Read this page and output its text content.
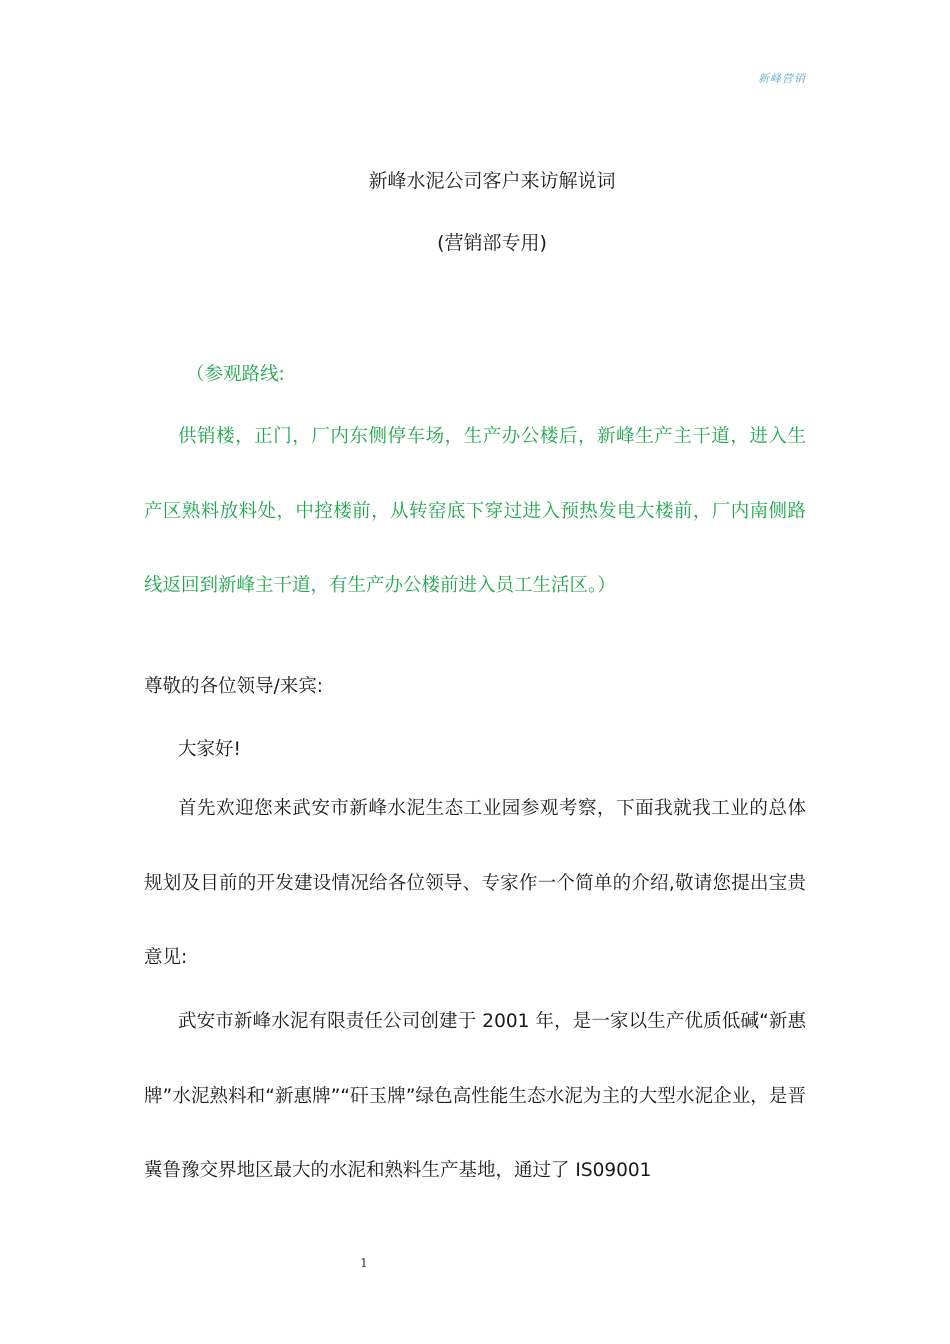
新峰营销
新峰水泥公司客户来访解说词
(营销部专用)
（参观路线:
供销楼，正门，厂内东侧停车场，生产办公楼后，新峰生产主干道，进入生产区熟料放料处，中控楼前，从转窑底下穿过进入预热发电大楼前，厂内南侧路线返回到新峰主干道，有生产办公楼前进入员工生活区。）
尊敬的各位领导/来宾:
大家好!
首先欢迎您来武安市新峰水泥生态工业园参观考察，下面我就我工业的总体规划及目前的开发建设情况给各位领导、专家作一个简单的介绍,敬请您提出宝贵意见:
武安市新峰水泥有限责任公司创建于 2001 年，是一家以生产优质低碱“新惠牌”水泥熟料和“新惠牌”“矸玉牌”绿色高性能生态水泥为主的大型水泥企业，是晋冀鲁豫交界地区最大的水泥和熟料生产基地，通过了 IS09001
1
